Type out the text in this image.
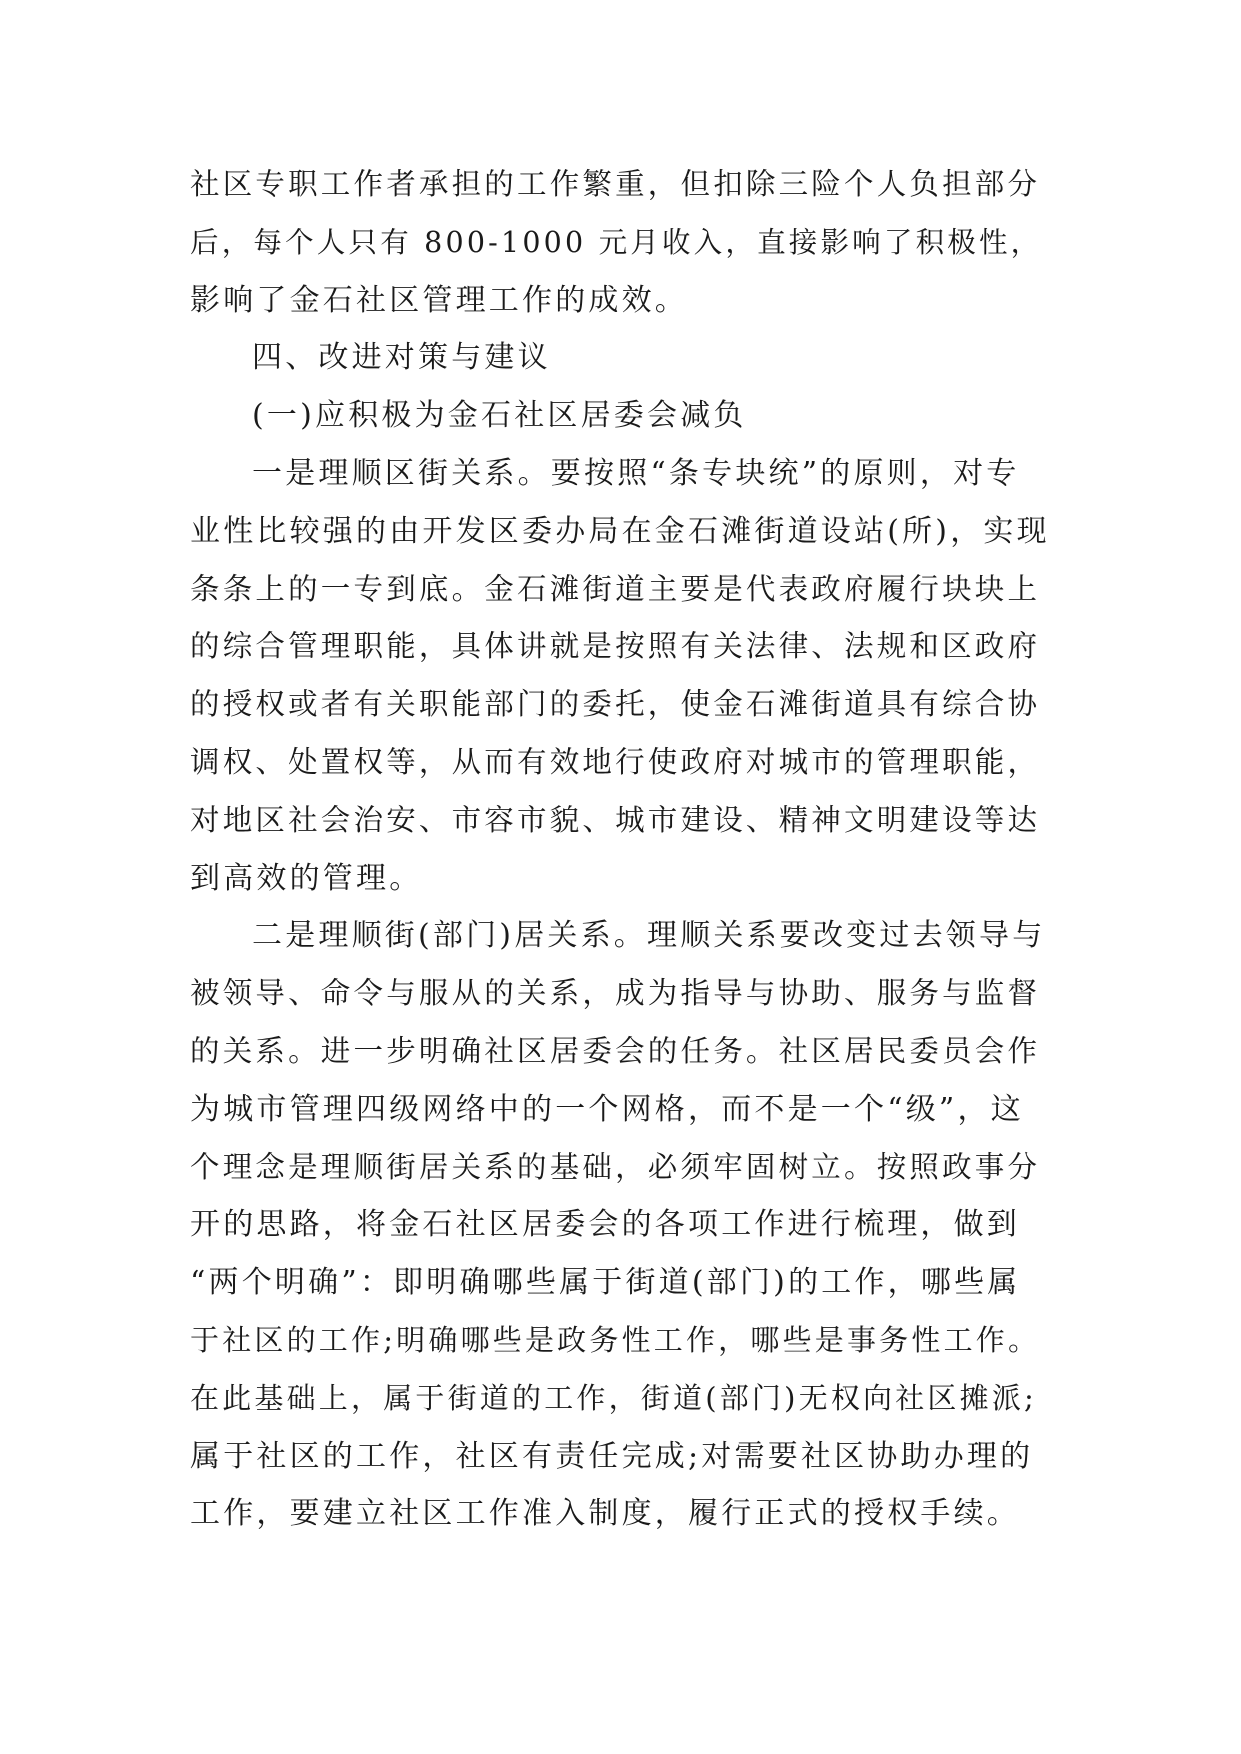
社区专职工作者承担的工作繁重，但扣除三险个人负担部分
后，每个人只有 800-1000 元月收入，直接影响了积极性，
影响了金石社区管理工作的成效。
四、改进对策与建议
(一)应积极为金石社区居委会减负
一是理顺区街关系。要按照“条专块统”的原则，对专
业性比较强的由开发区委办局在金石滩街道设站(所)，实现
条条上的一专到底。金石滩街道主要是代表政府履行块块上
的综合管理职能，具体讲就是按照有关法律、法规和区政府
的授权或者有关职能部门的委托，使金石滩街道具有综合协
调权、处置权等，从而有效地行使政府对城市的管理职能，
对地区社会治安、市容市貌、城市建设、精神文明建设等达
到高效的管理。
二是理顺街(部门)居关系。理顺关系要改变过去领导与
被领导、命令与服从的关系，成为指导与协助、服务与监督
的关系。进一步明确社区居委会的任务。社区居民委员会作
为城市管理四级网络中的一个网格，而不是一个“级”，这
个理念是理顺街居关系的基础，必须牢固树立。按照政事分
开的思路，将金石社区居委会的各项工作进行梳理，做到
“两个明确”：即明确哪些属于街道(部门)的工作，哪些属
于社区的工作;明确哪些是政务性工作，哪些是事务性工作。
在此基础上，属于街道的工作，街道(部门)无权向社区摊派;
属于社区的工作，社区有责任完成;对需要社区协助办理的
工作，要建立社区工作准入制度，履行正式的授权手续。
